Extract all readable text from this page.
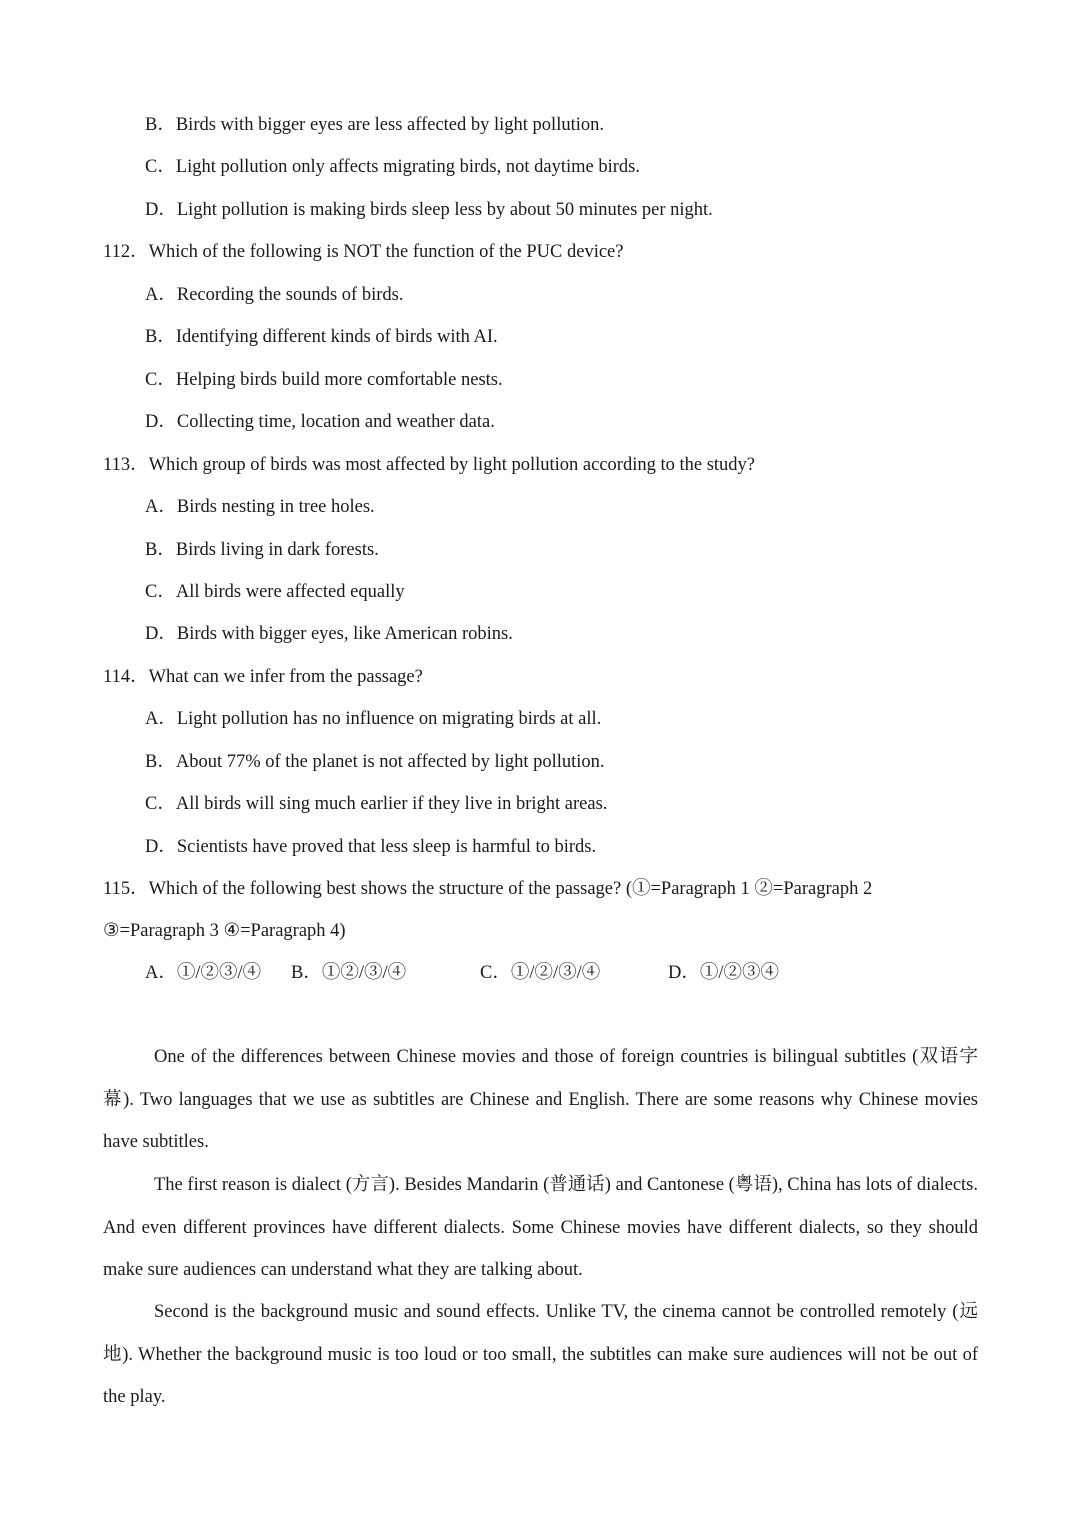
B．Birds with bigger eyes are less affected by light pollution.
C．Light pollution only affects migrating birds, not daytime birds.
D．Light pollution is making birds sleep less by about 50 minutes per night.
112．Which of the following is NOT the function of the PUC device?
A．Recording the sounds of birds.
B．Identifying different kinds of birds with AI.
C．Helping birds build more comfortable nests.
D．Collecting time, location and weather data.
113．Which group of birds was most affected by light pollution according to the study?
A．Birds nesting in tree holes.
B．Birds living in dark forests.
C．All birds were affected equally
D．Birds with bigger eyes, like American robins.
114．What can we infer from the passage?
A．Light pollution has no influence on migrating birds at all.
B．About 77% of the planet is not affected by light pollution.
C．All birds will sing much earlier if they live in bright areas.
D．Scientists have proved that less sleep is harmful to birds.
115．Which of the following best shows the structure of the passage? (①=Paragraph 1 ②=Paragraph 2
③=Paragraph 3 ④=Paragraph 4)
A．①/②③/④ B．①②/③/④	C．①/②/③/④	D．①/②③④

One of the differences between Chinese movies and those of foreign countries is bilingual subtitles (双语字幕). Two languages that we use as subtitles are Chinese and English. There are some reasons why Chinese movies have subtitles.

The first reason is dialect (方言). Besides Mandarin (普通话) and Cantonese (粤语), China has lots of dialects. And even different provinces have different dialects. Some Chinese movies have different dialects, so they should make sure audiences can understand what they are talking about.

Second is the background music and sound effects. Unlike TV, the cinema cannot be controlled remotely (远地). Whether the background music is too loud or too small, the subtitles can make sure audiences will not be out of the play.
